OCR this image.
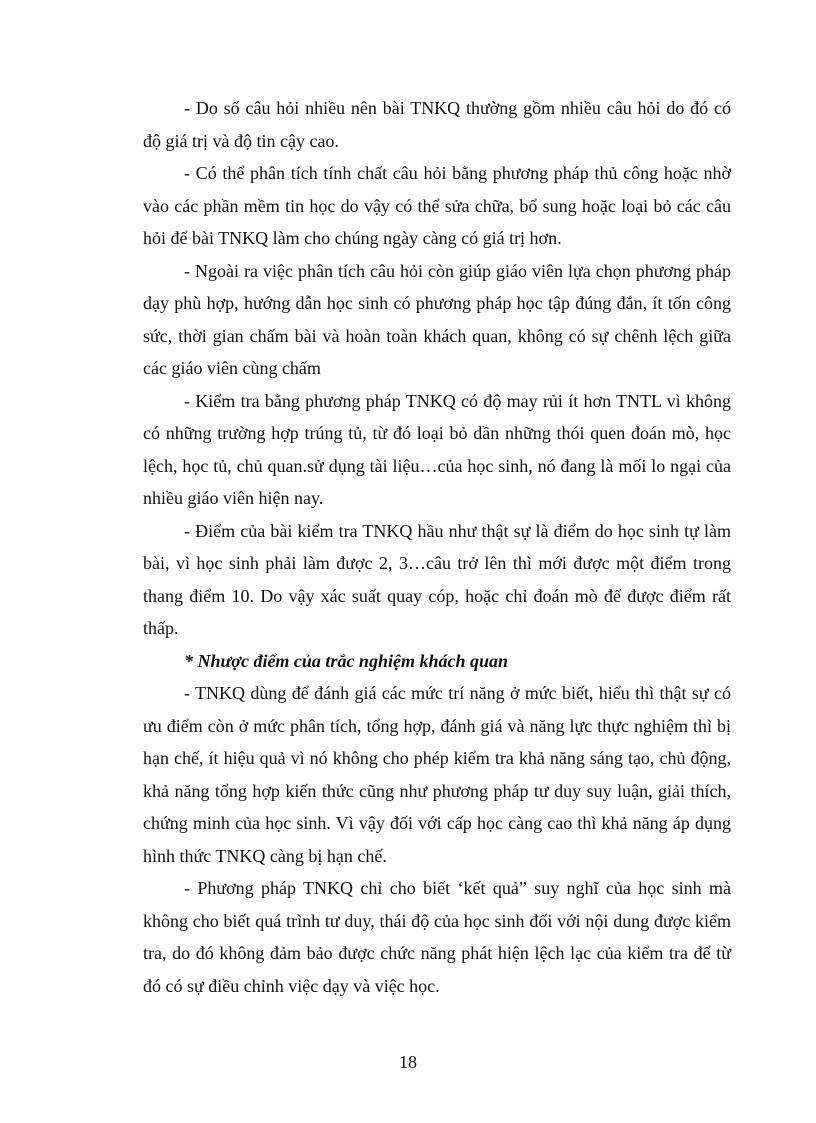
- Do số câu hỏi nhiều nên bài TNKQ thường gồm nhiều câu hỏi do đó có độ giá trị và độ tin cậy cao.

- Có thể phân tích tính chất câu hỏi bằng phương pháp thủ công hoặc nhờ vào các phần mềm tin học do vậy có thể sửa chữa, bổ sung hoặc loại bỏ các câu hỏi để bài TNKQ làm cho chúng ngày càng có giá trị hơn.

- Ngoài ra việc phân tích câu hỏi còn giúp giáo viên lựa chọn phương pháp dạy phù hợp, hướng dẫn học sinh có phương pháp học tập đúng đắn, ít tốn công sức, thời gian chấm bài và hoàn toàn khách quan, không có sự chênh lệch giữa các giáo viên cùng chấm

- Kiểm tra bằng phương pháp TNKQ có độ may rủi ít hơn TNTL vì không có những trường hợp trúng tủ, từ đó loại bỏ dần những thói quen đoán mò, học lệch, học tủ, chủ quan.sử dụng tài liệu…của học sinh, nó đang là mối lo ngại của nhiều giáo viên hiện nay.

- Điểm của bài kiểm tra TNKQ hầu như thật sự là điểm do học sinh tự làm bài, vì học sinh phải làm được 2, 3…câu trở lên thì mới được một điểm trong thang điểm 10. Do vậy xác suất quay cóp, hoặc chỉ đoán mò để được điểm rất thấp.

* Nhược điểm của trắc nghiệm khách quan

- TNKQ dùng để đánh giá các mức trí năng ở mức biết, hiểu thì thật sự có ưu điểm còn ở mức phân tích, tổng hợp, đánh giá và năng lực thực nghiệm thì bị hạn chế, ít hiệu quả vì nó không cho phép kiểm tra khả năng sáng tạo, chủ động, khả năng tổng hợp kiến thức cũng như phương pháp tư duy suy luận, giải thích, chứng minh của học sinh. Vì vậy đối với cấp học càng cao thì khả năng áp dụng hình thức TNKQ càng bị hạn chế.

- Phương pháp TNKQ chỉ cho biết ‘kết quả” suy nghĩ của học sinh mà không cho biết quá trình tư duy, thái độ của học sinh đối với nội dung được kiểm tra, do đó không đảm bảo được chức năng phát hiện lệch lạc của kiểm tra để từ đó có sự điều chỉnh việc dạy và việc học.

18
